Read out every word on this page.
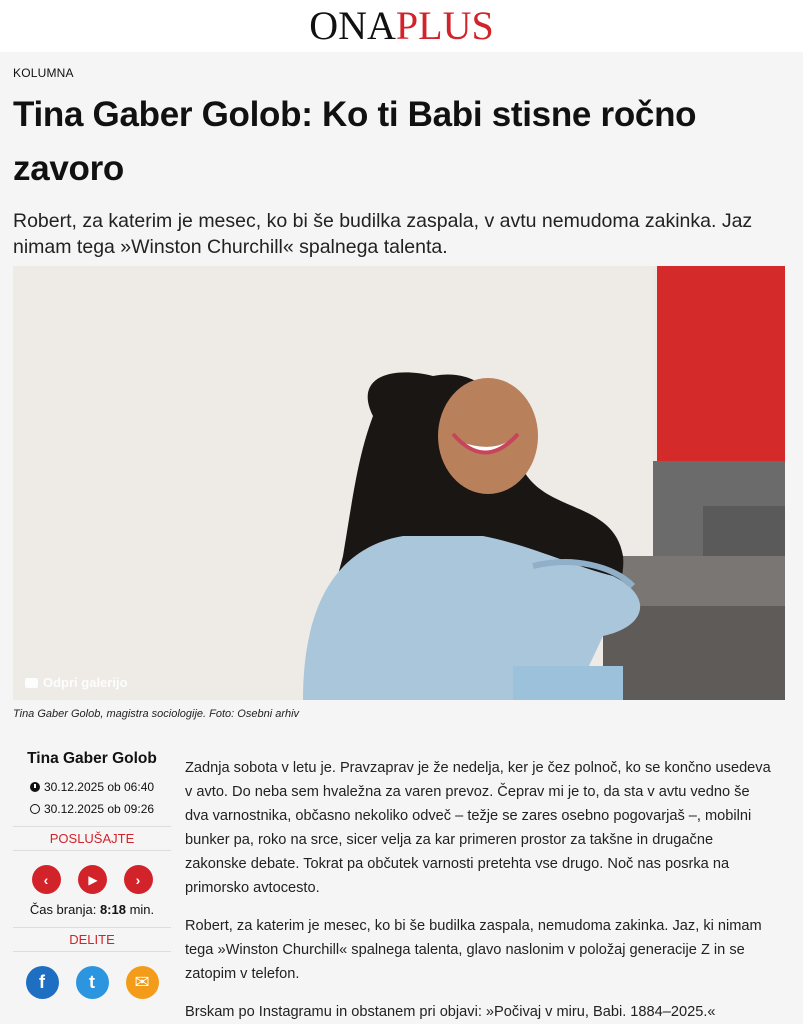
ONAPLUS
KOLUMNA
Tina Gaber Golob: Ko ti Babi stisne ročno zavoro

Robert, za katerim je mesec, ko bi še budilka zaspala, v avtu nemudoma zakinka. Jaz nimam tega »Winston Churchill« spalnega talenta.

Odpri galerijo
Tina Gaber Golob, magistra sociologije. Foto: Osebni arhiv
Tina Gaber Golob
30.12.2025 ob 06:40
30.12.2025 ob 09:26
POSLUŠAJTE
‹	▶	›
Čas branja: 8:18 min.
DELITE
f t ✉

Zadnja sobota v letu je. Pravzaprav je že nedelja, ker je čez polnoč, ko se končno usedeva v avto. Do neba sem hvaležna za varen prevoz. Čeprav mi je to, da sta v avtu vedno še dva varnostnika, občasno nekoliko odveč – težje se zares osebno pogovarjaš –, mobilni bunker pa, roko na srce, sicer velja za kar primeren prostor za takšne in drugačne zakonske debate. Tokrat pa občutek varnosti pretehta vse drugo. Noč nas posrka na primorsko avtocesto.

Robert, za katerim je mesec, ko bi še budilka zaspala, nemudoma zakinka. Jaz, ki nimam tega »Winston Churchill« spalnega talenta, glavo naslonim v položaj generacije Z in se zatopim v telefon.

Brskam po Instagramu in obstanem pri objavi: »Počivaj v miru, Babi. 1884–2025.«
